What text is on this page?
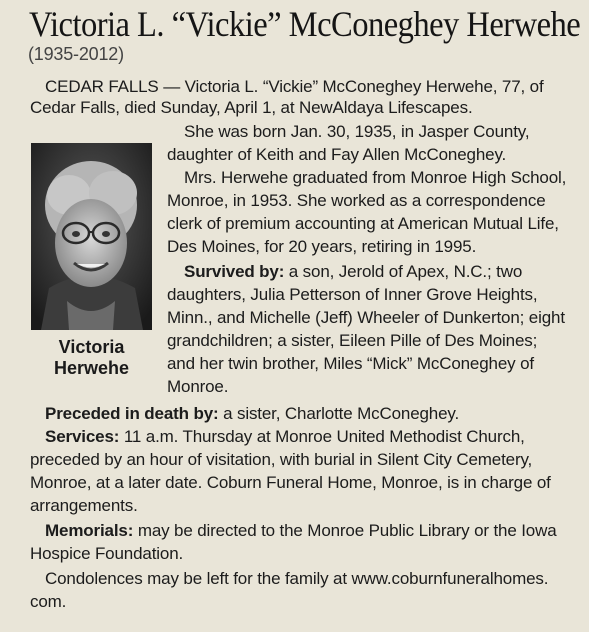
Victoria L. “Vickie” McConeghey Herwehe
(1935-2012)
CEDAR FALLS — Victoria L. “Vickie” McConeghey Herwehe, 77, of
Cedar Falls, died Sunday, April 1, at NewAldaya Lifescapes.
Victoria
Herwehe
She was born Jan. 30, 1935, in Jasper County,
daughter of Keith and Fay Allen McConeghey.
Mrs. Herwehe graduated from Monroe High School,
Monroe, in 1953. She worked as a correspondence
clerk of premium accounting at American Mutual Life,
Des Moines, for 20 years, retiring in 1995.
Survived by: a son, Jerold of Apex, N.C.; two
daughters, Julia Petterson of Inner Grove Heights,
Minn., and Michelle (Jeff) Wheeler of Dunkerton; eight
grandchildren; a sister, Eileen Pille of Des Moines;
and her twin brother, Miles “Mick” McConeghey of
Monroe.
Preceded in death by: a sister, Charlotte McConeghey.
Services: 11 a.m. Thursday at Monroe United Methodist Church,
preceded by an hour of visitation, with burial in Silent City Cemetery,
Monroe, at a later date. Coburn Funeral Home, Monroe, is in charge of
arrangements.
Memorials: may be directed to the Monroe Public Library or the Iowa
Hospice Foundation.
Condolences may be left for the family at www.coburnfuneralhomes.
com.
